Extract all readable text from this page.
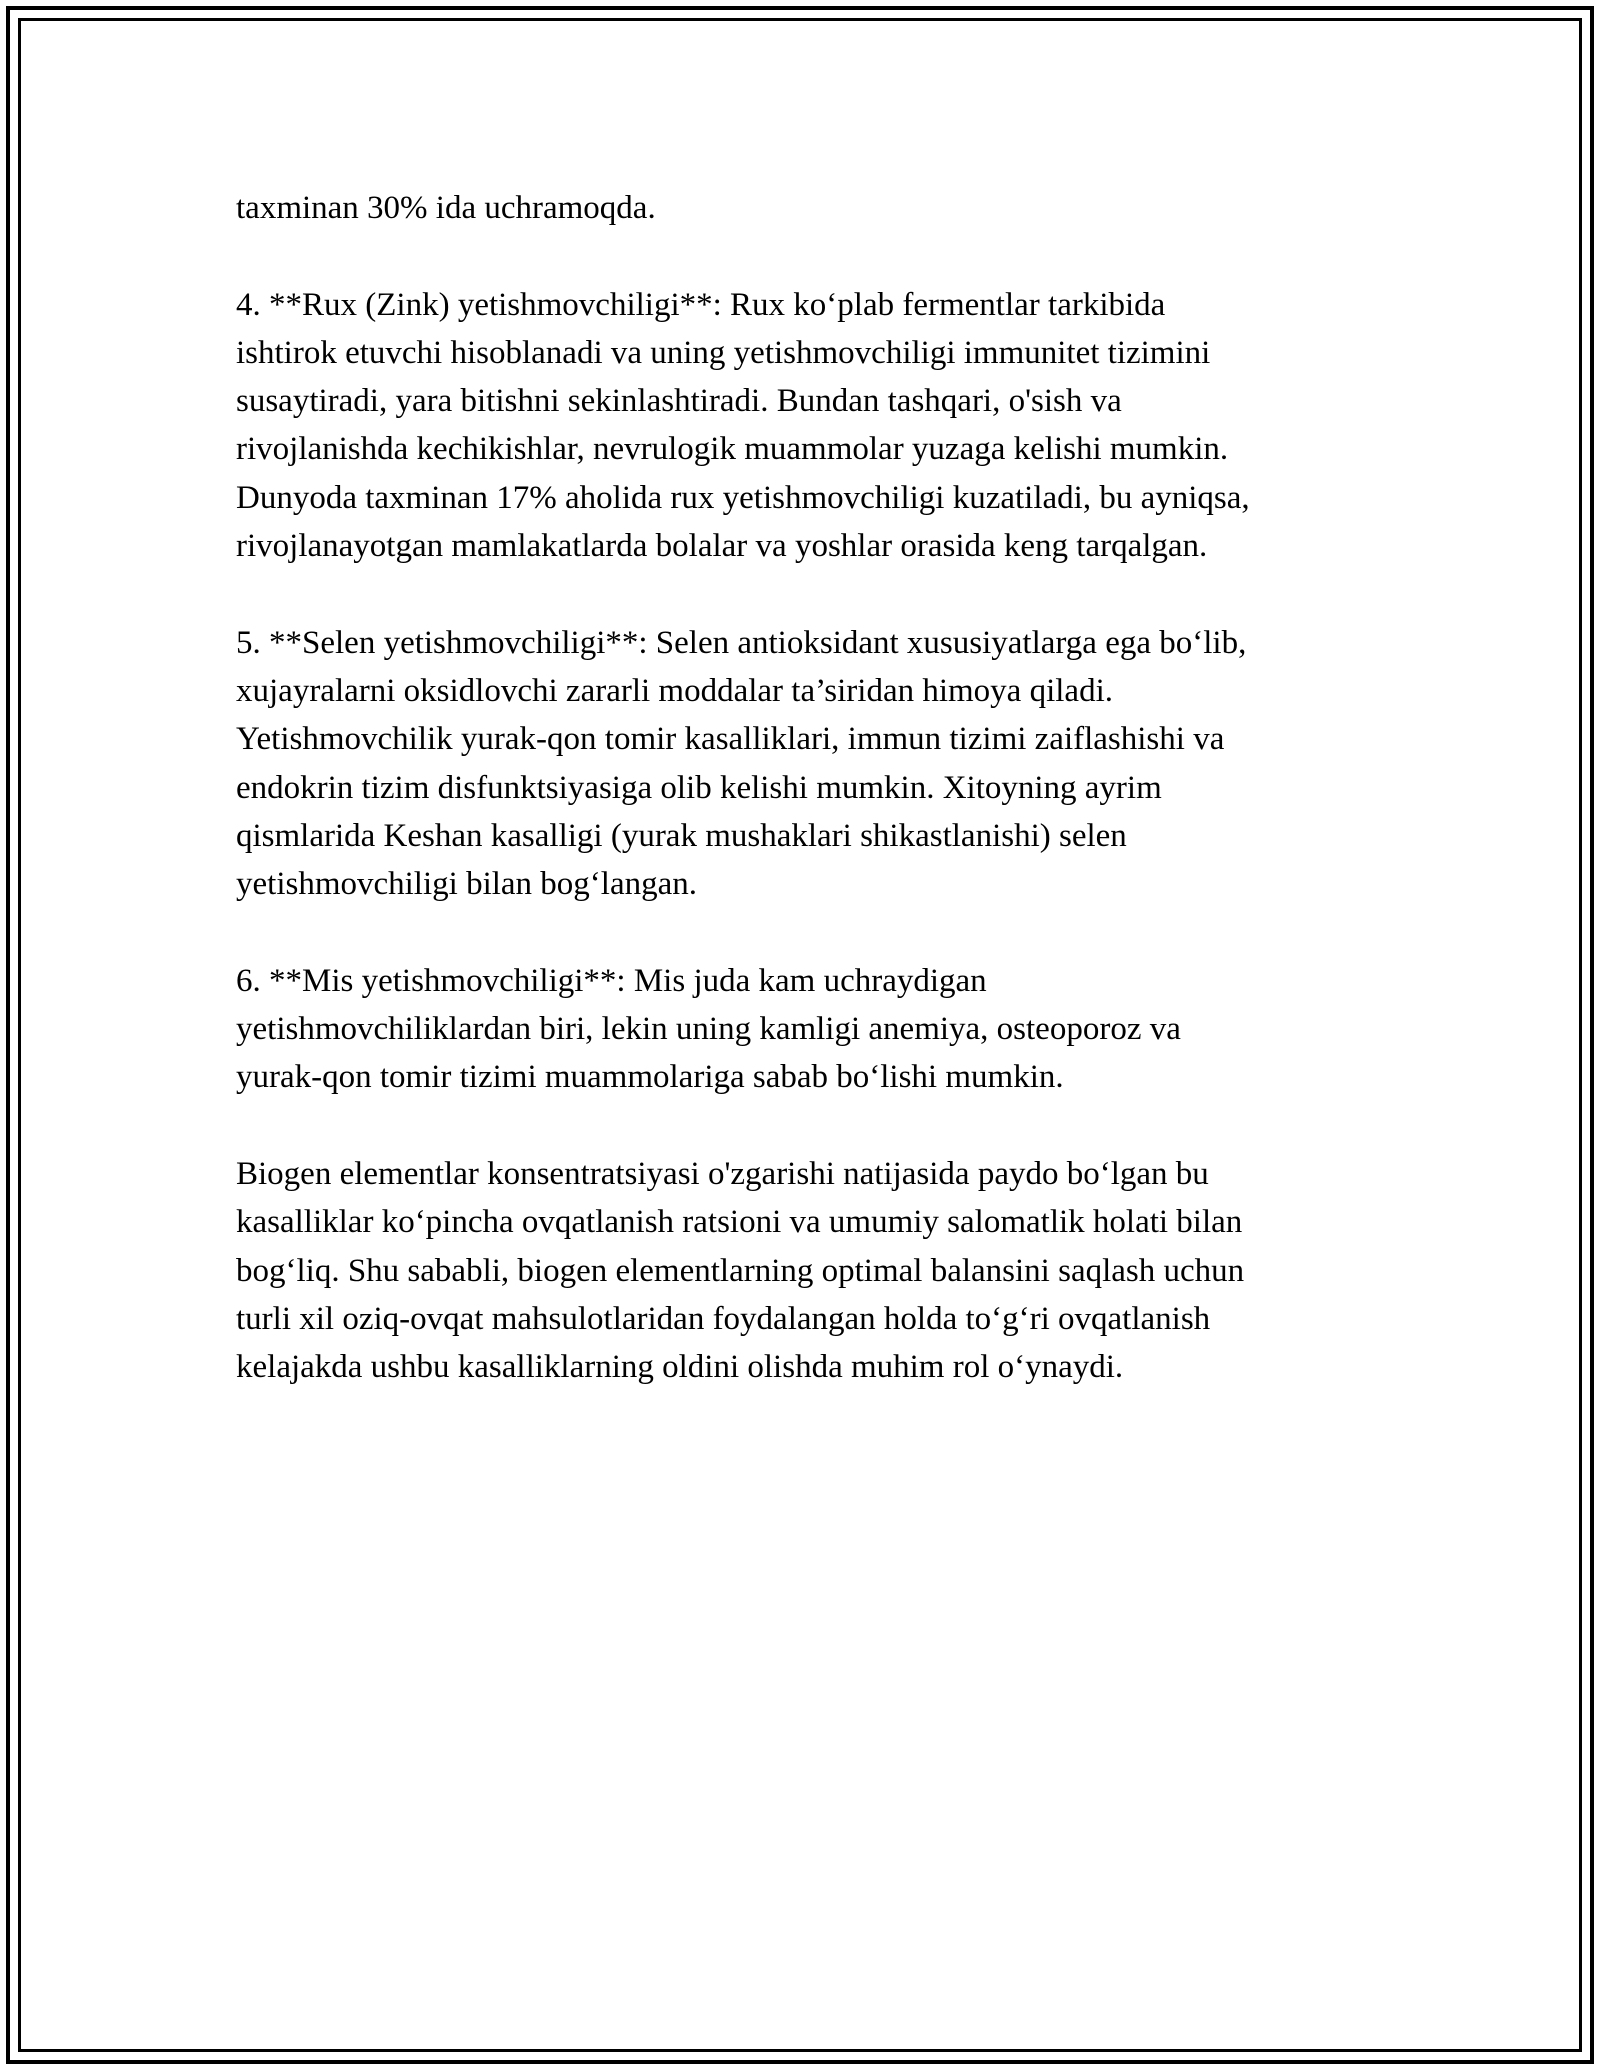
taxminan 30% ida uchramoqda.
4. **Rux (Zink) yetishmovchiligi**: Rux ko‘plab fermentlar tarkibida
ishtirok etuvchi hisoblanadi va uning yetishmovchiligi immunitet tizimini
susaytiradi, yara bitishni sekinlashtiradi. Bundan tashqari, o'sish va
rivojlanishda kechikishlar, nevrulogik muammolar yuzaga kelishi mumkin.
Dunyoda taxminan 17% aholida rux yetishmovchiligi kuzatiladi, bu ayniqsa,
rivojlanayotgan mamlakatlarda bolalar va yoshlar orasida keng tarqalgan.
5. **Selen yetishmovchiligi**: Selen antioksidant xususiyatlarga ega bo‘lib,
xujayralarni oksidlovchi zararli moddalar ta’siridan himoya qiladi.
Yetishmovchilik yurak-qon tomir kasalliklari, immun tizimi zaiflashishi va
endokrin tizim disfunktsiyasiga olib kelishi mumkin. Xitoyning ayrim
qismlarida Keshan kasalligi (yurak mushaklari shikastlanishi) selen
yetishmovchiligi bilan bog‘langan.
6. **Mis yetishmovchiligi**: Mis juda kam uchraydigan
yetishmovchiliklardan biri, lekin uning kamligi anemiya, osteoporoz va
yurak-qon tomir tizimi muammolariga sabab bo‘lishi mumkin.
Biogen elementlar konsentratsiyasi o'zgarishi natijasida paydo bo‘lgan bu
kasalliklar ko‘pincha ovqatlanish ratsioni va umumiy salomatlik holati bilan
bog‘liq. Shu sababli, biogen elementlarning optimal balansini saqlash uchun
turli xil oziq-ovqat mahsulotlaridan foydalangan holda to‘g‘ri ovqatlanish
kelajakda ushbu kasalliklarning oldini olishda muhim rol o‘ynaydi.
